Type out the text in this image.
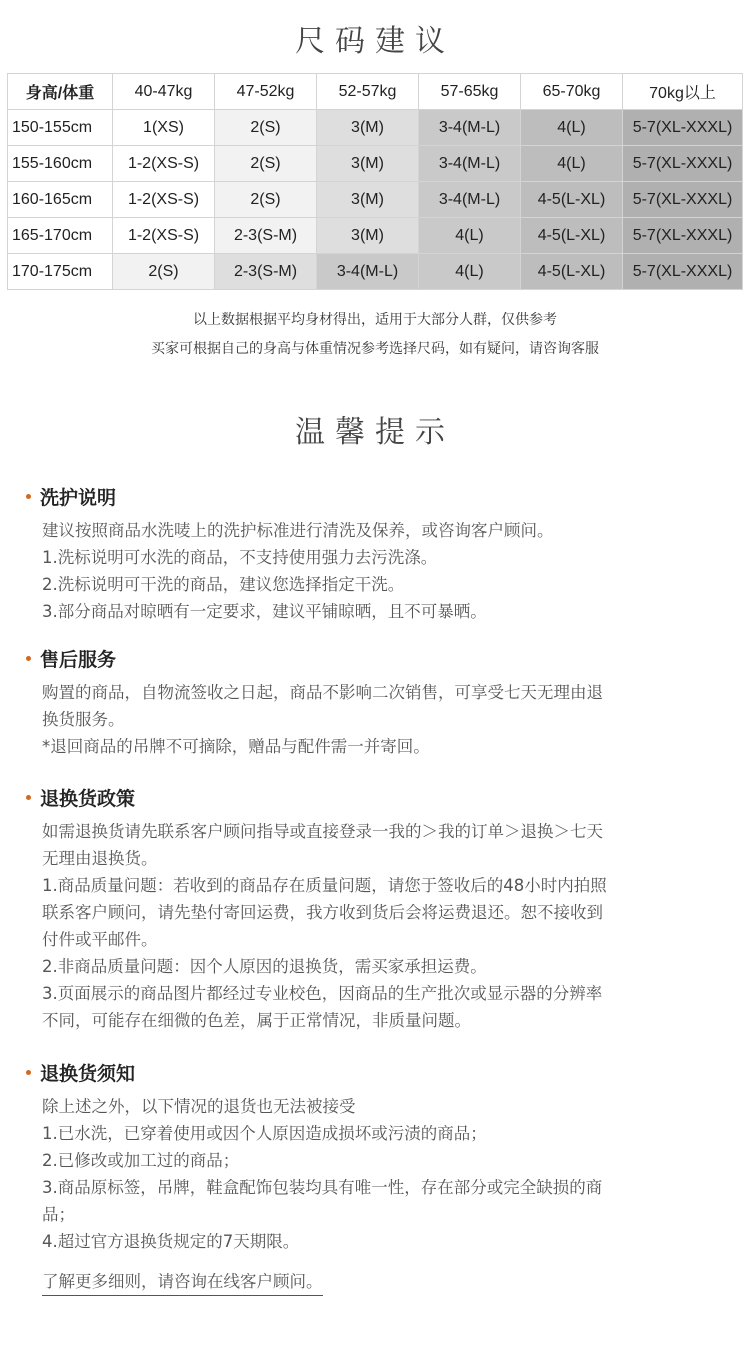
尺码建议
身高/体重	40-47kg	47-52kg	52-57kg	57-65kg	65-70kg	70kg以上
150-155cm	1(XS)	2(S)	3(M)	3-4(M-L)	4(L)	5-7(XL-XXXL)
155-160cm	1-2(XS-S)	2(S)	3(M)	3-4(M-L)	4(L)	5-7(XL-XXXL)
160-165cm	1-2(XS-S)	2(S)	3(M)	3-4(M-L)	4-5(L-XL)	5-7(XL-XXXL)
165-170cm	1-2(XS-S)	2-3(S-M)	3(M)	4(L)	4-5(L-XL)	5-7(XL-XXXL)
170-175cm	2(S)	2-3(S-M)	3-4(M-L)	4(L)	4-5(L-XL)	5-7(XL-XXXL)
以上数据根据平均身材得出，适用于大部分人群，仅供参考
买家可根据自己的身高与体重情况参考选择尺码，如有疑问，请咨询客服
温馨提示
洗护说明
建议按照商品水洗唛上的洗护标准进行清洗及保养，或咨询客户顾问。
1.洗标说明可水洗的商品，不支持使用强力去污洗涤。
2.洗标说明可干洗的商品，建议您选择指定干洗。
3.部分商品对晾晒有一定要求，建议平铺晾晒，且不可暴晒。
售后服务
购置的商品，自物流签收之日起，商品不影响二次销售，可享受七天无理由退
换货服务。
*退回商品的吊牌不可摘除，赠品与配件需一并寄回。
退换货政策
如需退换货请先联系客户顾问指导或直接登录一我的＞我的订单＞退换＞七天
无理由退换货。
1.商品质量问题：若收到的商品存在质量问题，请您于签收后的48小时内拍照
联系客户顾问，请先垫付寄回运费，我方收到货后会将运费退还。恕不接收到
付件或平邮件。
2.非商品质量问题：因个人原因的退换货，需买家承担运费。
3.页面展示的商品图片都经过专业校色，因商品的生产批次或显示器的分辨率
不同，可能存在细微的色差，属于正常情况，非质量问题。
退换货须知
除上述之外，以下情况的退货也无法被接受
1.已水洗，已穿着使用或因个人原因造成损坏或污渍的商品；
2.已修改或加工过的商品；
3.商品原标签，吊牌，鞋盒配饰包装均具有唯一性，存在部分或完全缺损的商
品；
4.超过官方退换货规定的7天期限。
了解更多细则，请咨询在线客户顾问。
